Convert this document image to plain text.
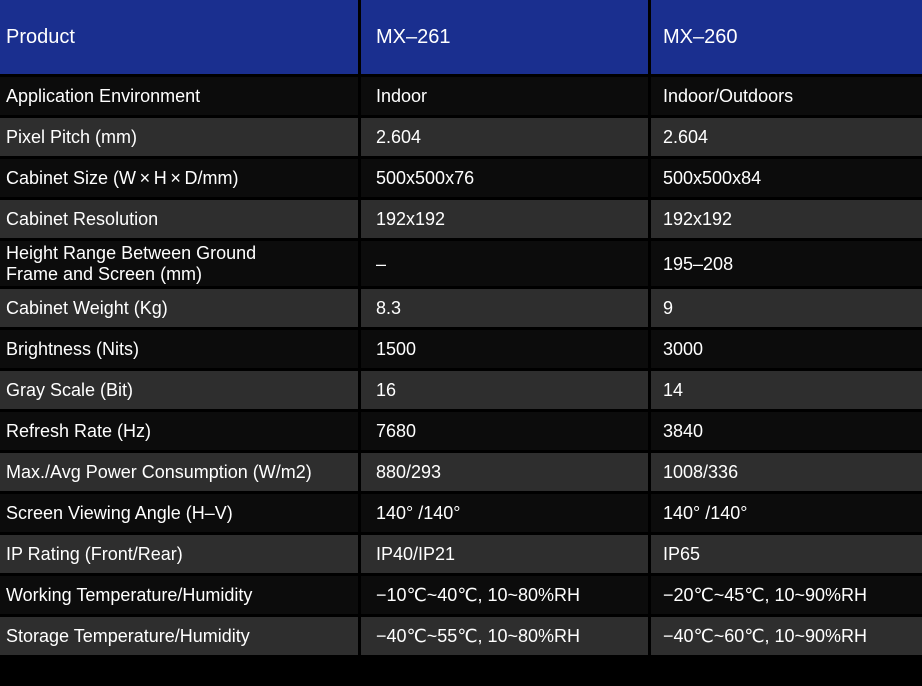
Product	MX–261	MX–260
Application Environment	Indoor	Indoor/Outdoors
Pixel Pitch (mm)	2.604	2.604
Cabinet Size (W × H × D/mm)	500x500x76	500x500x84
Cabinet Resolution	192x192	192x192
Height Range Between Ground
Frame and Screen (mm)	–	195–208
Cabinet Weight (Kg)	8.3	9
Brightness (Nits)	1500	3000
Gray Scale (Bit)	16	14
Refresh Rate (Hz)	7680	3840
Max./Avg Power Consumption (W/m2)	880/293	1008/336
Screen Viewing Angle (H–V)	140° /140°	140° /140°
IP Rating (Front/Rear)	IP40/IP21	IP65
Working Temperature/Humidity	−10℃~40℃, 10~80%RH	−20℃~45℃, 10~90%RH
Storage Temperature/Humidity	−40℃~55℃, 10~80%RH	−40℃~60℃, 10~90%RH
